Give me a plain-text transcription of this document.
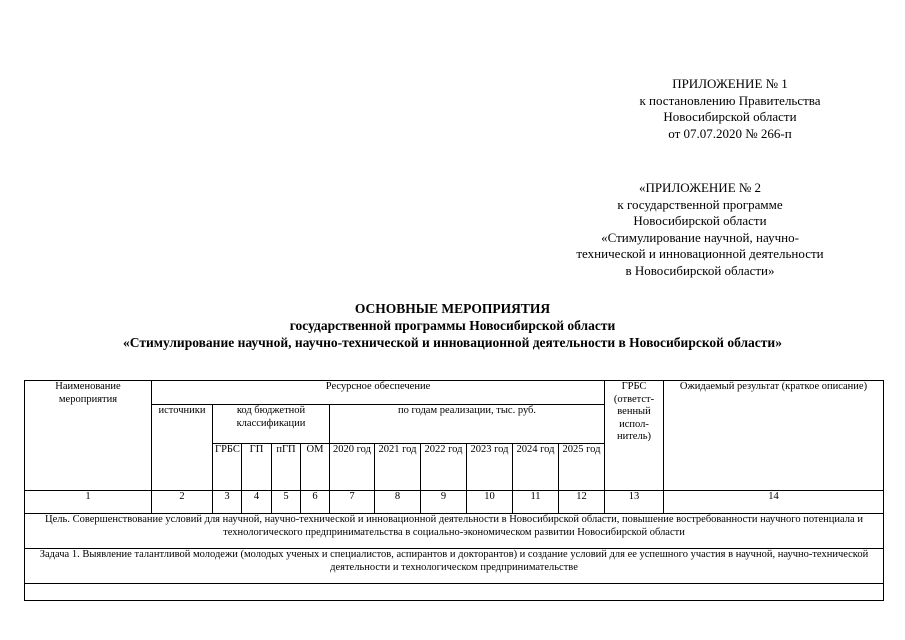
ПРИЛОЖЕНИЕ № 1
к постановлению Правительства
Новосибирской области
от 07.07.2020 № 266-п
«ПРИЛОЖЕНИЕ № 2
к государственной программе
Новосибирской области
«Стимулирование научной, научно-
технической и инновационной деятельности
в Новосибирской области»
ОСНОВНЫЕ МЕРОПРИЯТИЯ
государственной программы Новосибирской области
«Стимулирование научной, научно-технической и инновационной деятельности в Новосибирской области»
Наименование мероприятия	Ресурсное обеспечение											ГРБС (ответст-венный испол-нитель)	Ожидаемый результат (краткое описание)
	источники	код бюджетной классификации				по годам реализации, тыс. руб.							
		ГРБС	ГП	пГП	ОМ	2020 год	2021 год	2022 год	2023 год	2024 год	2025 год		
1	2	3	4	5	6	7	8	9	10	11	12	13	14
Цель. Совершенствование условий для научной, научно-технической и инновационной деятельности в Новосибирской области, повышение востребованности научного потенциала и технологического предпринимательства в социально-экономическом развитии Новосибирской области													
Задача 1. Выявление талантливой молодежи (молодых ученых и специалистов, аспирантов и докторантов) и создание условий для ее успешного участия в научной, научно-технической деятельности и технологическом предпринимательстве													
